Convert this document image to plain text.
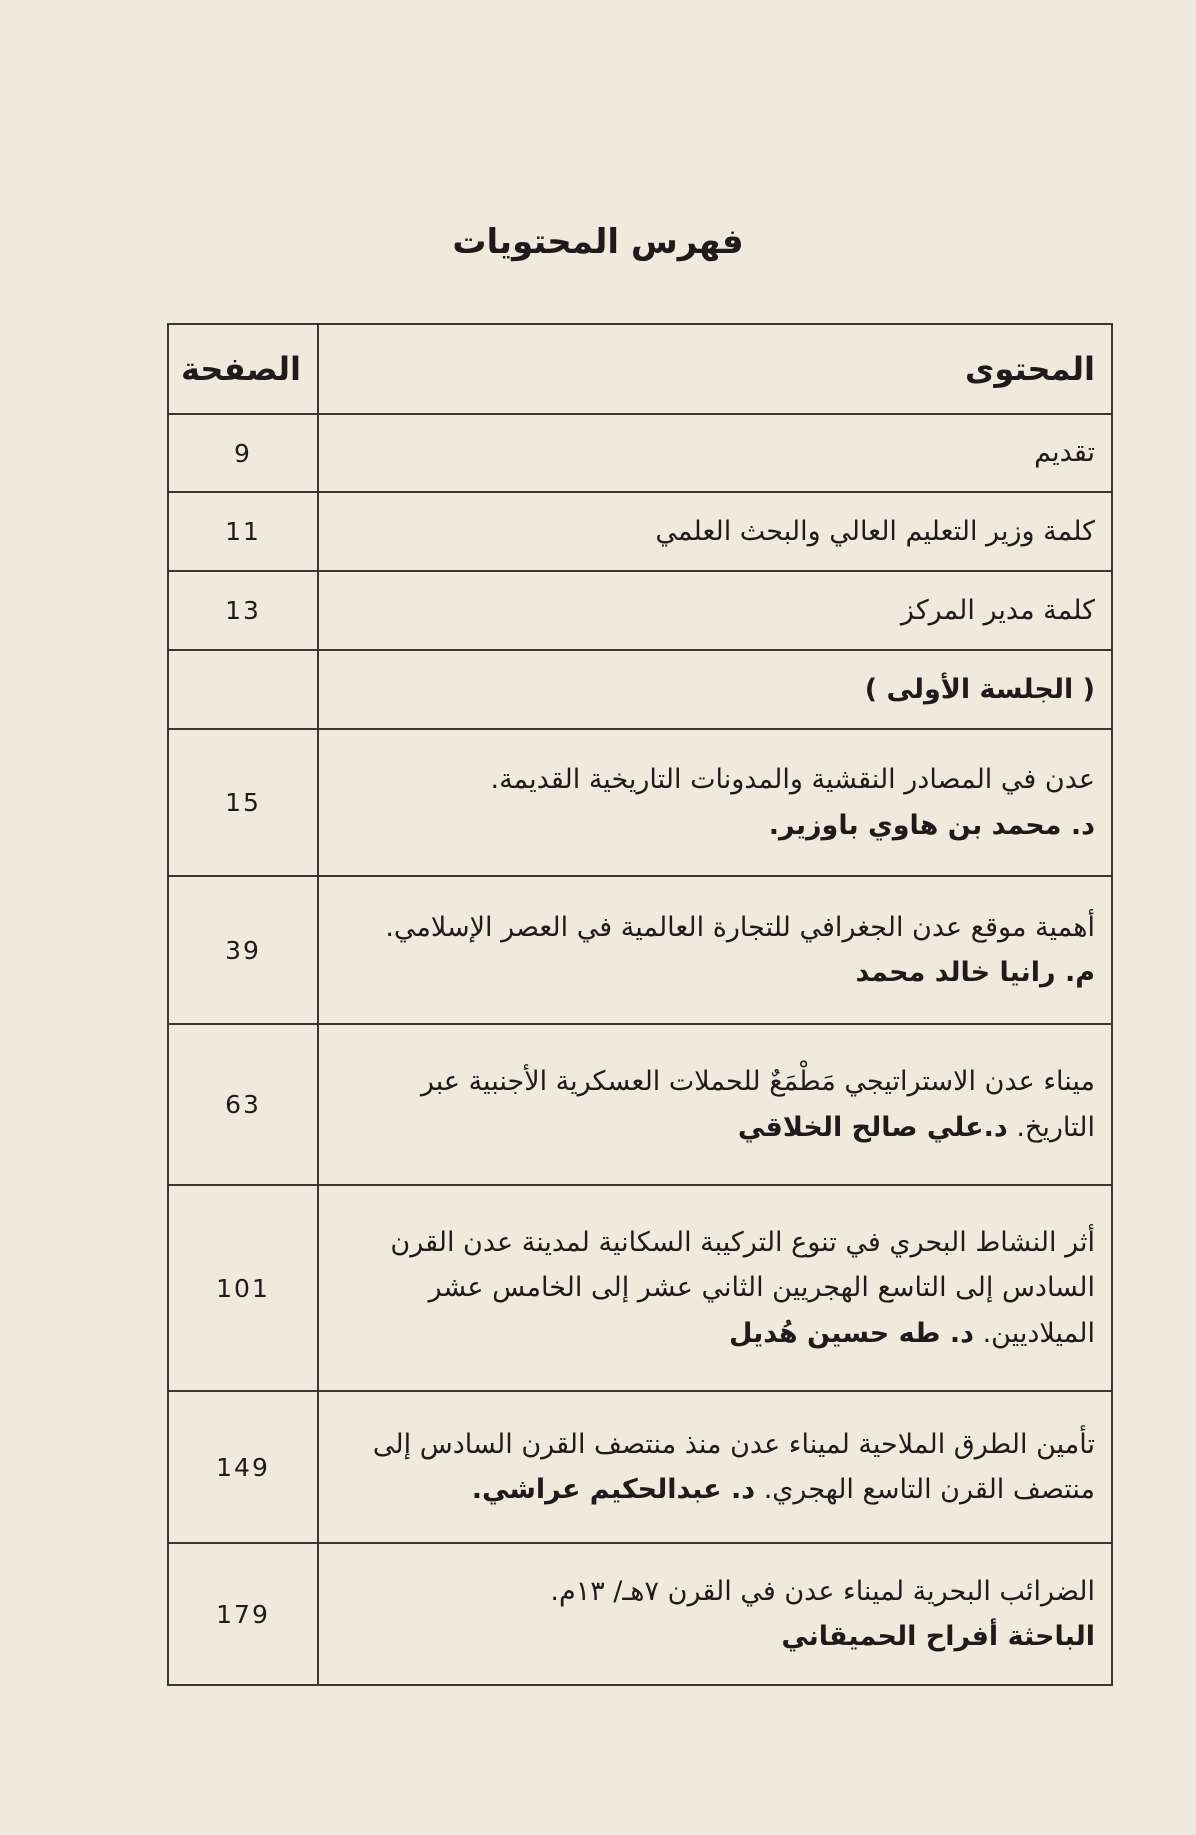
فهرس المحتويات
المحتوى	الصفحة

تقديم	9

كلمة وزير التعليم العالي والبحث العلمي	11

كلمة مدير المركز	13
( الجلسة الأولى )	

عدن في المصادر النقشية والمدونات التاريخية القديمة.
د. محمد بن هاوي باوزير.	15

أهمية موقع عدن الجغرافي للتجارة العالمية في العصر الإسلامي.
م. رانيا خالد محمد	39
ميناء عدن الاستراتيجي مَطْمَعٌ للحملات العسكرية الأجنبية عبر التاريخ. د.علي صالح الخلاقي	63
أثر النشاط البحري في تنوع التركيبة السكانية لمدينة عدن القرن السادس إلى التاسع الهجريين الثاني عشر إلى الخامس عشر الميلاديين. د. طه حسين هُديل	101
تأمين الطرق الملاحية لميناء عدن منذ منتصف القرن السادس إلى منتصف القرن التاسع الهجري. د. عبدالحكيم عراشي.	149

الضرائب البحرية لميناء عدن في القرن ٧هـ/ ١٣م.
الباحثة أفراح الحميقاني	179
